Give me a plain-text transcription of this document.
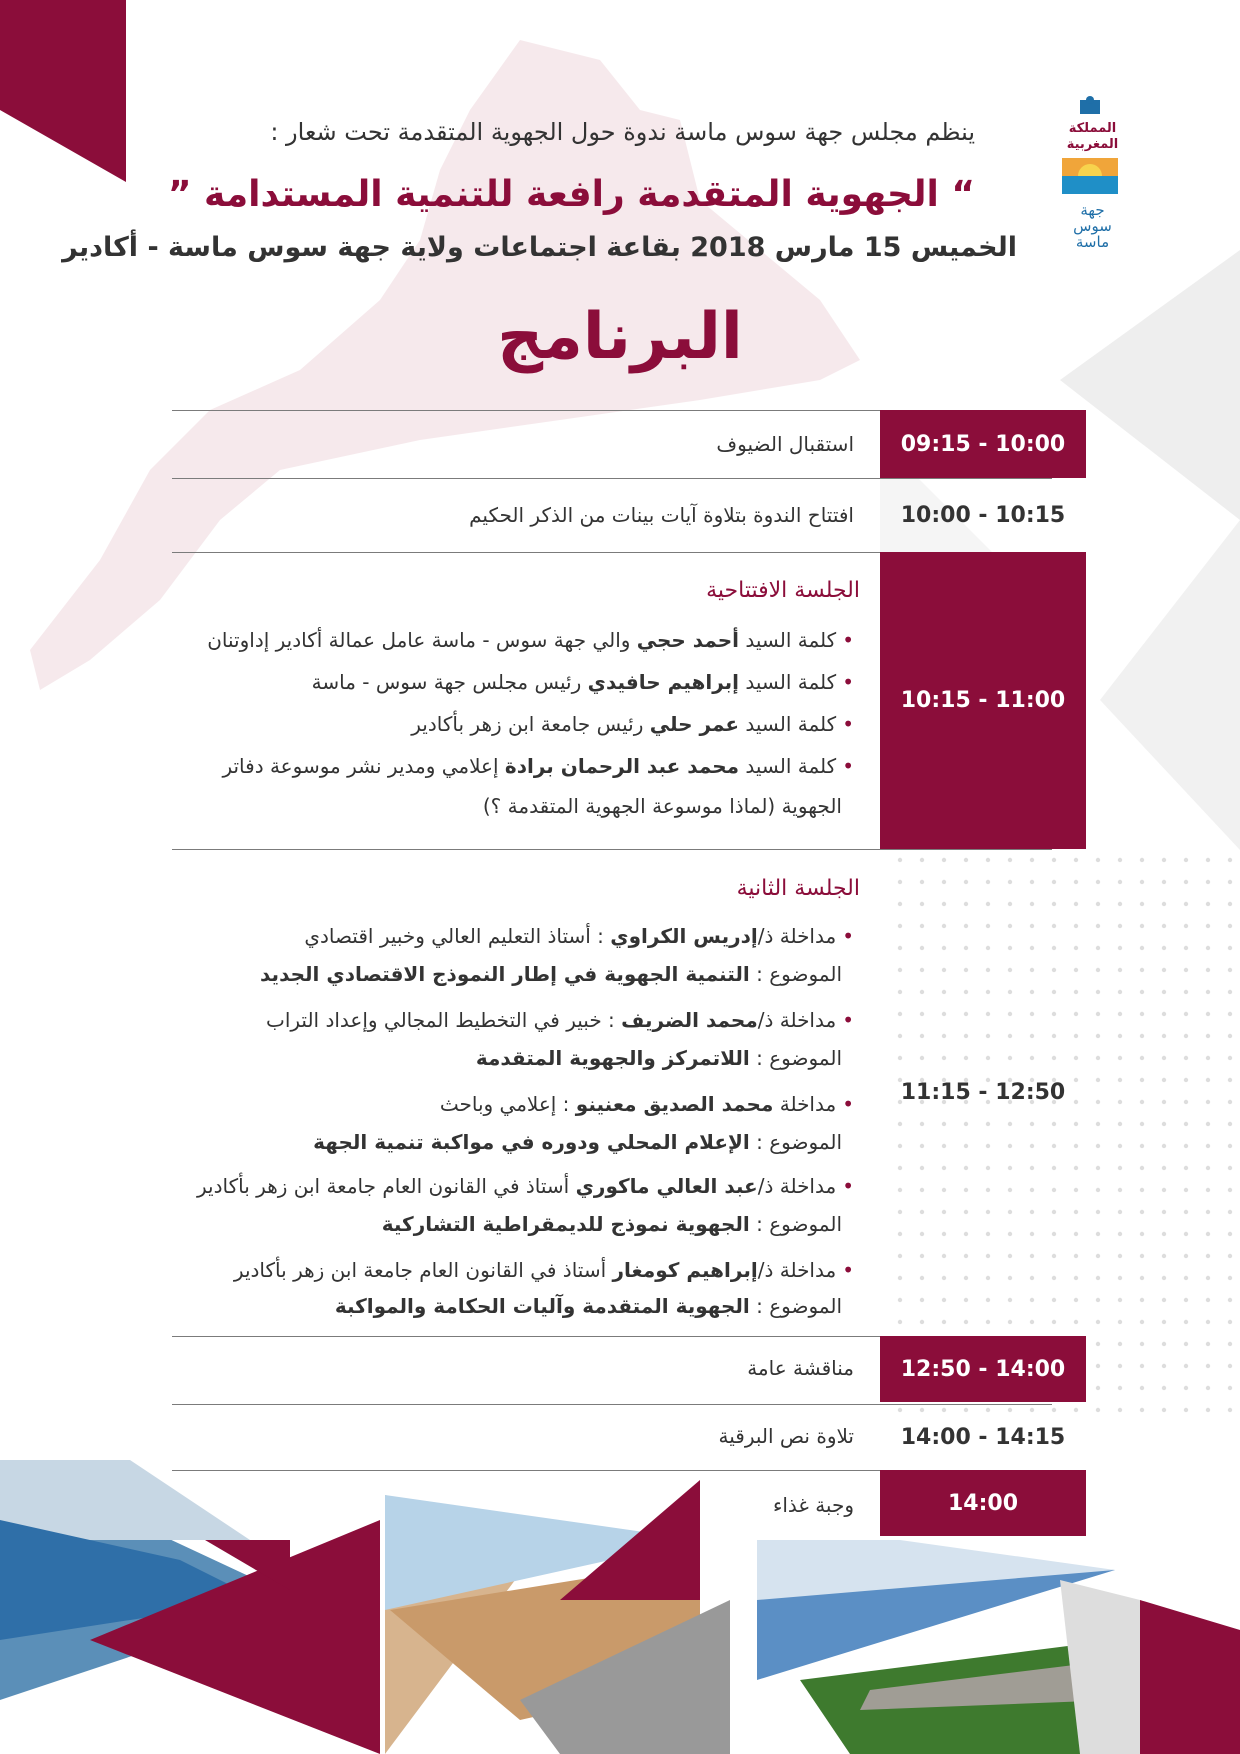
المملكة
المغربية
جهة
سوس
ماسة
ينظم مجلس جهة سوس ماسة ندوة حول الجهوية المتقدمة تحت شعار :
“ الجهوية المتقدمة رافعة للتنمية المستدامة ”
الخميس 15 مارس 2018 بقاعة اجتماعات ولاية جهة سوس ماسة - أكادير
البرنامج
09:15 - 10:00
استقبال الضيوف
10:00 - 10:15
افتتاح الندوة بتلاوة آيات بينات من الذكر الحكيم
10:15 - 11:00
الجلسة الافتتاحية
•كلمة السيد أحمد حجي والي جهة سوس - ماسة عامل عمالة أكادير إداوتنان
•كلمة السيد إبراهيم حافيدي رئيس مجلس جهة سوس - ماسة
•كلمة السيد عمر حلي رئيس جامعة ابن زهر بأكادير
•كلمة السيد محمد عبد الرحمان برادة إعلامي ومدير نشر موسوعة دفاتر
الجهوية (لماذا موسوعة الجهوية المتقدمة ؟)
11:15 - 12:50
الجلسة الثانية
•مداخلة ذ/إدريس الكراوي : أستاذ التعليم العالي وخبير اقتصادي
الموضوع : التنمية الجهوية في إطار النموذج الاقتصادي الجديد
•مداخلة ذ/محمد الضريف : خبير في التخطيط المجالي وإعداد التراب
الموضوع : اللاتمركز والجهوية المتقدمة
•مداخلة محمد الصديق معنينو : إعلامي وباحث
الموضوع : الإعلام المحلي ودوره في مواكبة تنمية الجهة
•مداخلة ذ/عبد العالي ماكوري أستاذ في القانون العام جامعة ابن زهر بأكادير
الموضوع : الجهوية نموذج للديمقراطية التشاركية
•مداخلة ذ/إبراهيم كومغار أستاذ في القانون العام جامعة ابن زهر بأكادير
الموضوع : الجهوية المتقدمة وآليات الحكامة والمواكبة
12:50 - 14:00
مناقشة عامة
14:00 - 14:15
تلاوة نص البرقية
14:00
وجبة غذاء
